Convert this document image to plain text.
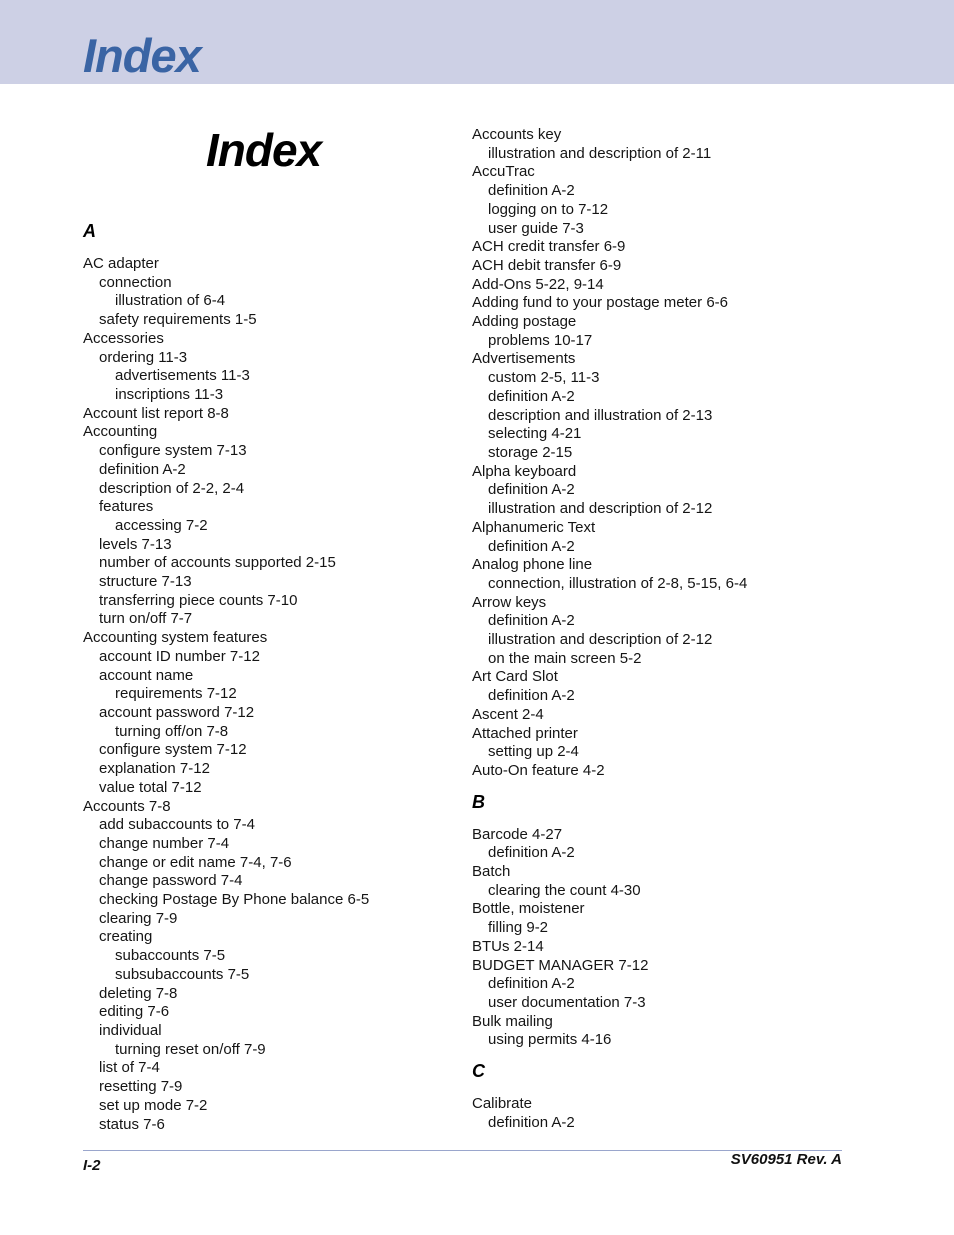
Index
Index
A
AC adapter
connection
illustration of 6-4
safety requirements 1-5
Accessories
ordering 11-3
advertisements 11-3
inscriptions 11-3
Account list report 8-8
Accounting
configure system 7-13
definition A-2
description of 2-2, 2-4
features
accessing 7-2
levels 7-13
number of accounts supported 2-15
structure 7-13
transferring piece counts 7-10
turn on/off 7-7
Accounting system features
account ID number 7-12
account name
requirements 7-12
account password 7-12
turning off/on 7-8
configure system 7-12
explanation 7-12
value total 7-12
Accounts 7-8
add subaccounts to 7-4
change number 7-4
change or edit name 7-4, 7-6
change password 7-4
checking Postage By Phone balance 6-5
clearing 7-9
creating
subaccounts 7-5
subsubaccounts 7-5
deleting 7-8
editing 7-6
individual
turning reset on/off 7-9
list of 7-4
resetting 7-9
set up mode 7-2
status 7-6
Accounts key
illustration and description of 2-11
AccuTrac
definition A-2
logging on to 7-12
user guide 7-3
ACH credit transfer 6-9
ACH debit transfer 6-9
Add-Ons 5-22, 9-14
Adding fund to your postage meter 6-6
Adding postage
problems 10-17
Advertisements
custom 2-5, 11-3
definition A-2
description and illustration of 2-13
selecting 4-21
storage 2-15
Alpha keyboard
definition A-2
illustration and description of 2-12
Alphanumeric Text
definition A-2
Analog phone line
connection, illustration of 2-8, 5-15, 6-4
Arrow keys
definition A-2
illustration and description of 2-12
on the main screen 5-2
Art Card Slot
definition A-2
Ascent 2-4
Attached printer
setting up 2-4
Auto-On feature 4-2
B
Barcode 4-27
definition A-2
Batch
clearing the count 4-30
Bottle, moistener
filling 9-2
BTUs 2-14
BUDGET MANAGER 7-12
definition A-2
user documentation 7-3
Bulk mailing
using permits 4-16
C
Calibrate
definition A-2
I-2	SV60951 Rev. A
